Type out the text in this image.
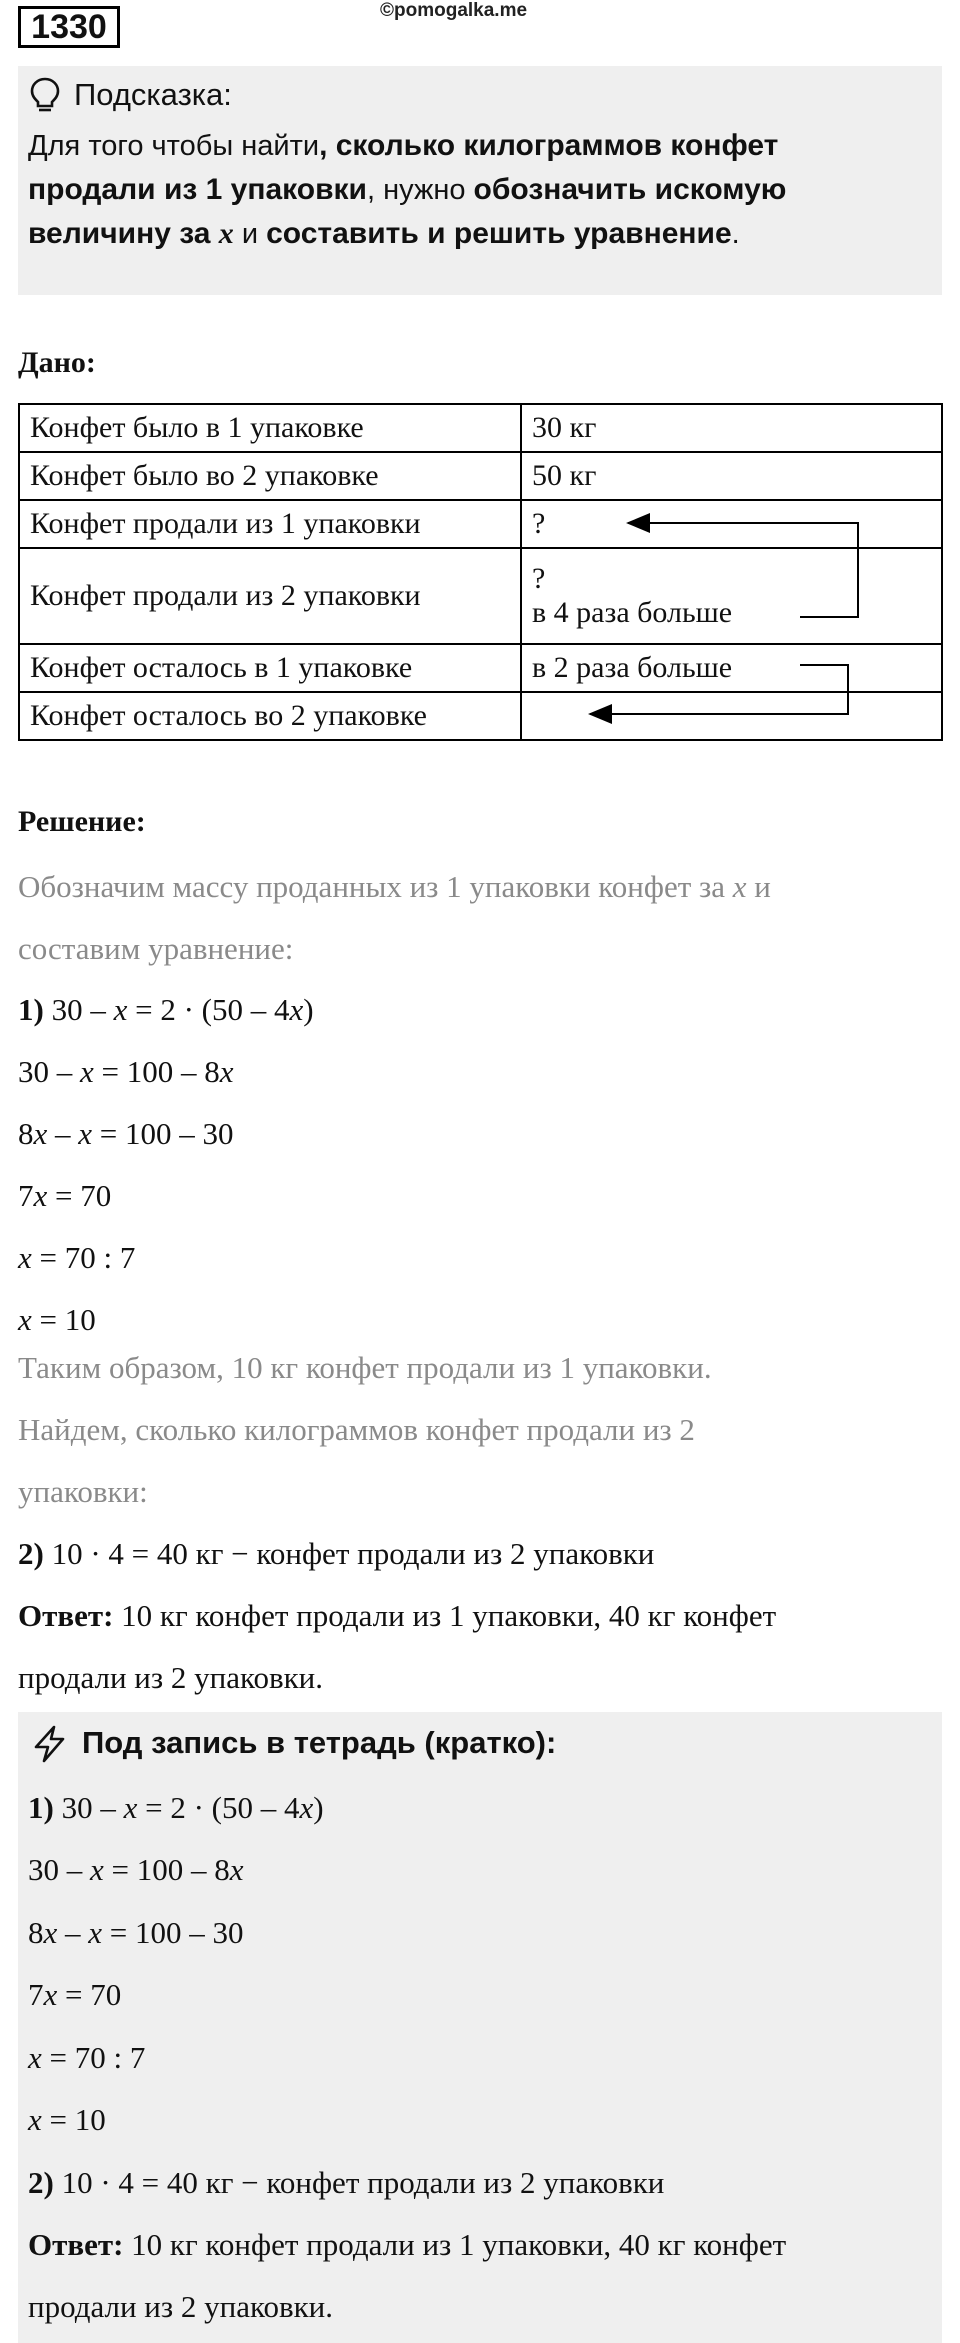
1330	©pomogalka.me
Подсказка:
Для того чтобы найти, сколько килограммов конфет
продали из 1 упаковки, нужно обозначить искомую
величину за x и составить и решить уравнение.
Дано:
Конфет было в 1 упаковке	30 кг
Конфет было во 2 упаковке	50 кг
Конфет продали из 1 упаковки	?
Конфет продали из 2 упаковки	?
в 4 раза больше
Конфет осталось в 1 упаковке	в 2 раза больше
Конфет осталось во 2 упаковке	
Решение:
Обозначим массу проданных из 1 упаковки конфет за x и
составим уравнение:
1) 30 – x = 2 · (50 – 4x)
30 – x = 100 – 8x
8x – x = 100 – 30
7x = 70
x = 70 : 7
x = 10
Таким образом, 10 кг конфет продали из 1 упаковки.
Найдем, сколько килограммов конфет продали из 2
упаковки:
2) 10 · 4 = 40 кг − конфет продали из 2 упаковки
Ответ: 10 кг конфет продали из 1 упаковки, 40 кг конфет
продали из 2 упаковки.
Под запись в тетрадь (кратко):
1) 30 – x = 2 · (50 – 4x)
30 – x = 100 – 8x
8x – x = 100 – 30
7x = 70
x = 70 : 7
x = 10
2) 10 · 4 = 40 кг − конфет продали из 2 упаковки
Ответ: 10 кг конфет продали из 1 упаковки, 40 кг конфет
продали из 2 упаковки.
